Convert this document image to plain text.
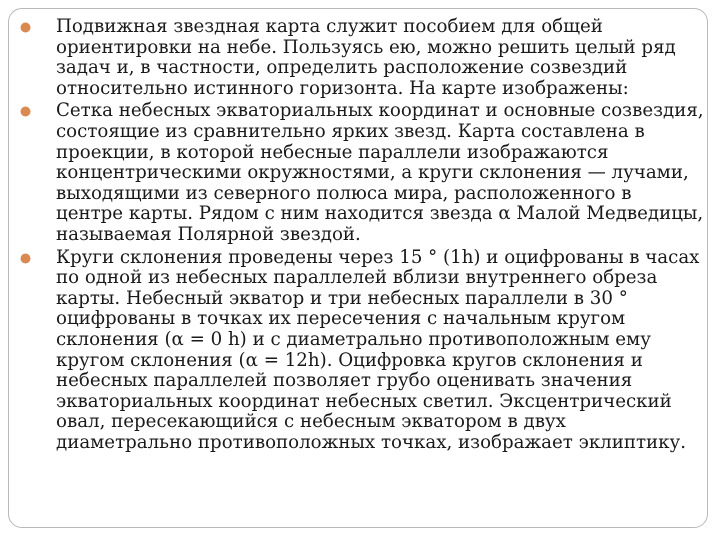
Подвижная звездная карта служит пособием для общей ориентировки на небе. Пользуясь ею, можно решить целый ряд задач и, в частности, определить расположение созвездий относительно истинного горизонта. На карте изображены:

Сетка небесных экваториальных координат и основные созвездия, состоящие из сравнительно ярких звезд. Карта составлена в проекции, в которой небесные параллели изображаются концентрическими окружностями, а круги склонения — лучами, выходящими из северного полюса мира, расположенного в центре карты. Рядом с ним находится звезда α Малой Медведицы, называемая Полярной звездой.

Круги склонения проведены через 15 ° (1h) и оцифрованы в часах по одной из небесных параллелей вблизи внутреннего обреза карты. Небесный экватор и три небесных параллели в 30 ° оцифрованы в точках их пересечения с начальным кругом склонения (α = 0 h) и с диаметрально противоположным ему кругом склонения (α = 12h). Оцифровка кругов склонения и небесных параллелей позволяет грубо оценивать значения экваториальных координат небесных светил. Эксцентрический овал, пересекающийся с небесным экватором в двух диаметрально противоположных точках, изображает эклиптику.
